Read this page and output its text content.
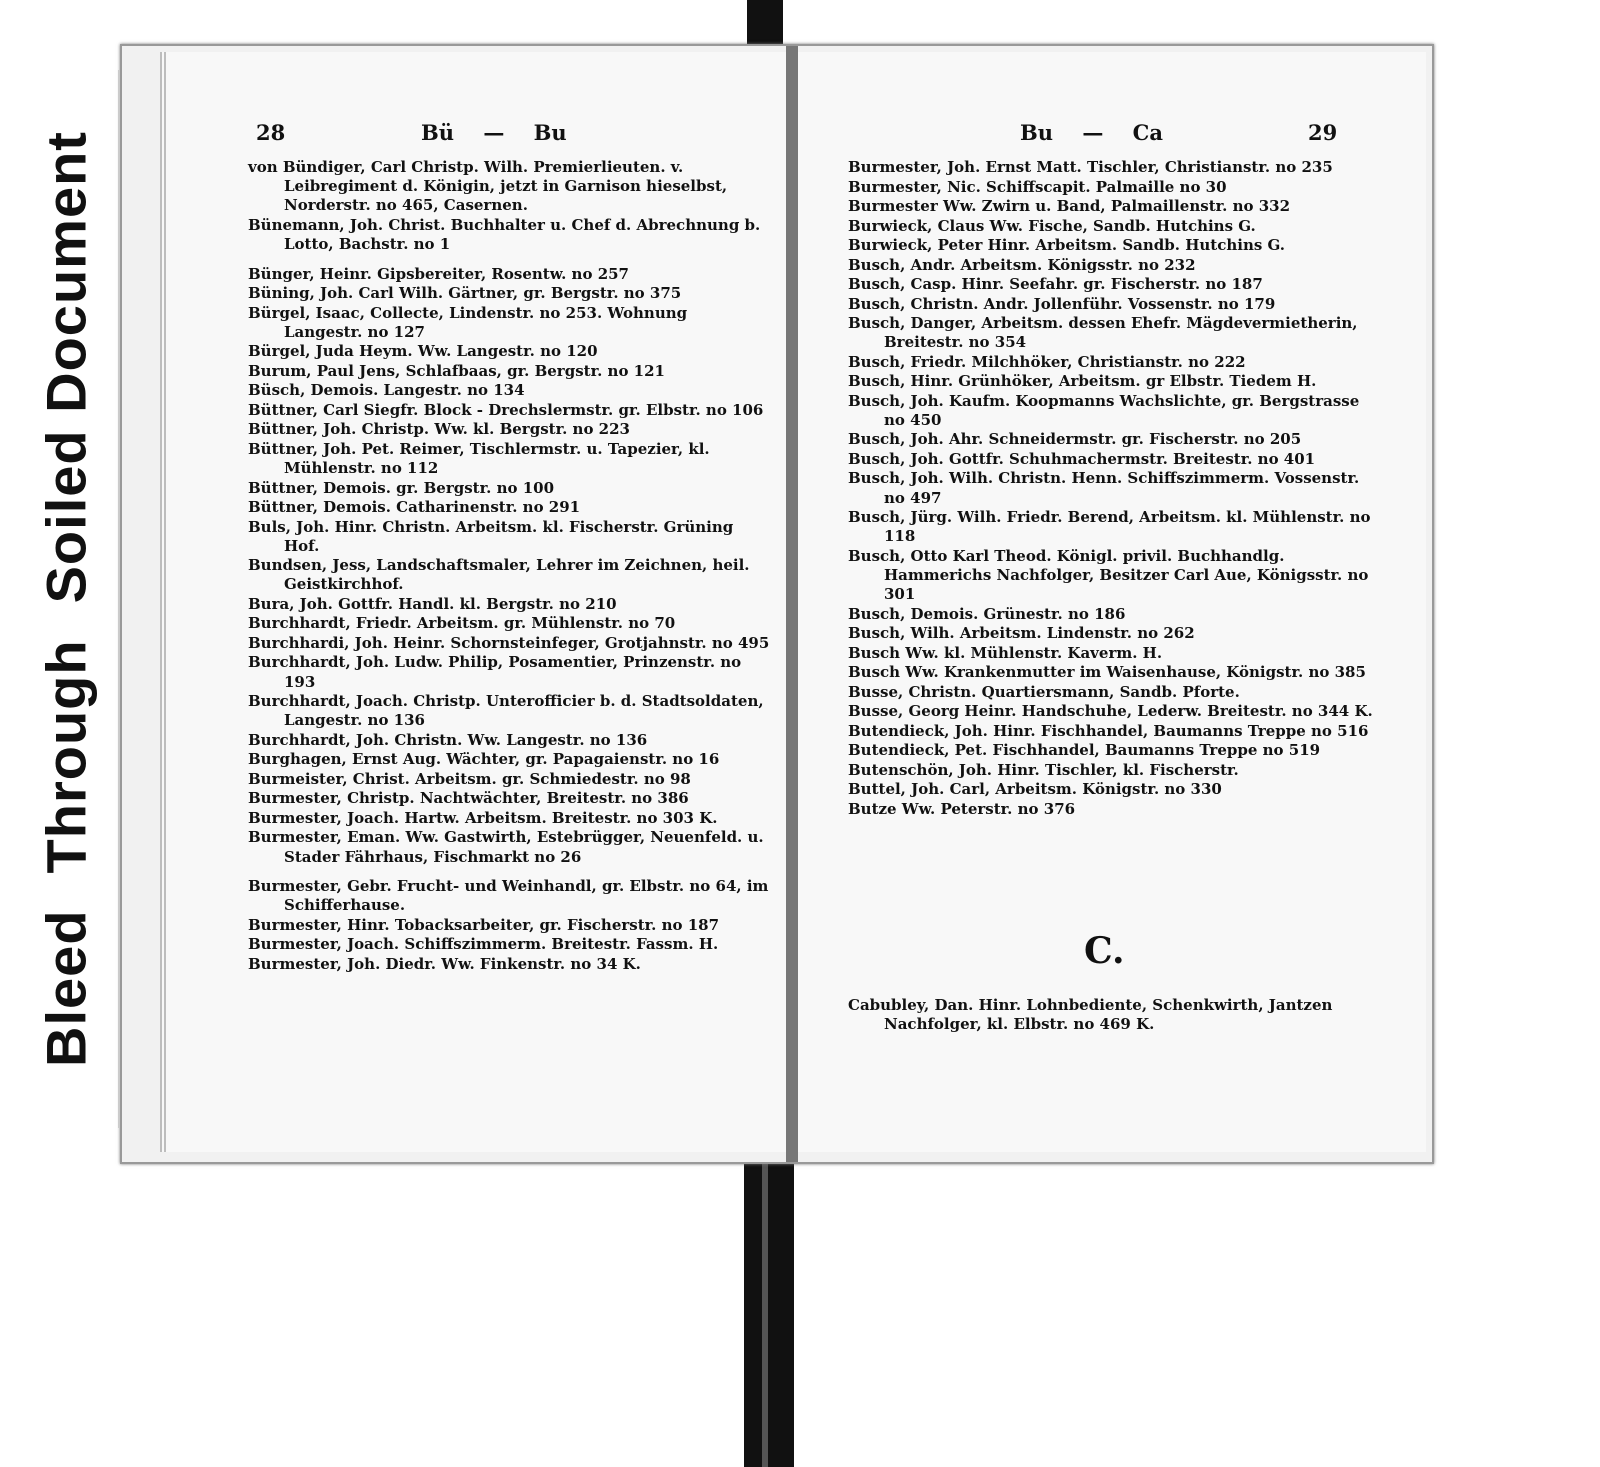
BleedThroughSoiled Document	28	Bü — Bu
von Bündiger, Carl Christp. Wilh. Premierlieuten. v. Leibregiment d. Königin, jetzt in Garnison hieselbst, Norderstr. no 465, Casernen.
Bünemann, Joh. Christ. Buchhalter u. Chef d. Abrechnung b. Lotto, Bachstr. no 1
Bünger, Heinr. Gipsbereiter, Rosentw. no 257
Büning, Joh. Carl Wilh. Gärtner, gr. Bergstr. no 375
Bürgel, Isaac, Collecte, Lindenstr. no 253. Wohnung Langestr. no 127
Bürgel, Juda Heym. Ww. Langestr. no 120
Burum, Paul Jens, Schlafbaas, gr. Bergstr. no 121
Büsch, Demois. Langestr. no 134
Büttner, Carl Siegfr. Block - Drechslermstr. gr. Elbstr. no 106
Büttner, Joh. Christp. Ww. kl. Bergstr. no 223
Büttner, Joh. Pet. Reimer, Tischlermstr. u. Tapezier, kl. Mühlenstr. no 112
Büttner, Demois. gr. Bergstr. no 100
Büttner, Demois. Catharinenstr. no 291
Buls, Joh. Hinr. Christn. Arbeitsm. kl. Fischerstr. Grüning Hof.
Bundsen, Jess, Landschaftsmaler, Lehrer im Zeichnen, heil. Geistkirchhof.
Bura, Joh. Gottfr. Handl. kl. Bergstr. no 210
Burchhardt, Friedr. Arbeitsm. gr. Mühlenstr. no 70
Burchhardi, Joh. Heinr. Schornsteinfeger, Grotjahnstr. no 495
Burchhardt, Joh. Ludw. Philip, Posamentier, Prinzenstr. no 193
Burchhardt, Joach. Christp. Unterofficier b. d. Stadtsoldaten, Langestr. no 136
Burchhardt, Joh. Christn. Ww. Langestr. no 136
Burghagen, Ernst Aug. Wächter, gr. Papagaienstr. no 16
Burmeister, Christ. Arbeitsm. gr. Schmiedestr. no 98
Burmester, Christp. Nachtwächter, Breitestr. no 386
Burmester, Joach. Hartw. Arbeitsm. Breitestr. no 303 K.
Burmester, Eman. Ww. Gastwirth, Estebrügger, Neuenfeld. u. Stader Fährhaus, Fischmarkt no 26
Burmester, Gebr. Frucht- und Weinhandl, gr. Elbstr. no 64, im Schifferhause.
Burmester, Hinr. Tobacksarbeiter, gr. Fischerstr. no 187
Burmester, Joach. Schiffszimmerm. Breitestr. Fassm. H.
Burmester, Joh. Diedr. Ww. Finkenstr. no 34 K.
Bu — Ca	29
Burmester, Joh. Ernst Matt. Tischler, Christianstr. no 235
Burmester, Nic. Schiffscapit. Palmaille no 30
Burmester Ww. Zwirn u. Band, Palmaillenstr. no 332
Burwieck, Claus Ww. Fische, Sandb. Hutchins G.
Burwieck, Peter Hinr. Arbeitsm. Sandb. Hutchins G.
Busch, Andr. Arbeitsm. Königsstr. no 232
Busch, Casp. Hinr. Seefahr. gr. Fischerstr. no 187
Busch, Christn. Andr. Jollenführ. Vossenstr. no 179
Busch, Danger, Arbeitsm. dessen Ehefr. Mägdevermietherin, Breitestr. no 354
Busch, Friedr. Milchhöker, Christianstr. no 222
Busch, Hinr. Grünhöker, Arbeitsm. gr Elbstr. Tiedem H.
Busch, Joh. Kaufm. Koopmanns Wachslichte, gr. Bergstrasse no 450
Busch, Joh. Ahr. Schneidermstr. gr. Fischerstr. no 205
Busch, Joh. Gottfr. Schuhmachermstr. Breitestr. no 401
Busch, Joh. Wilh. Christn. Henn. Schiffszimmerm. Vossenstr. no 497
Busch, Jürg. Wilh. Friedr. Berend, Arbeitsm. kl. Mühlenstr. no 118
Busch, Otto Karl Theod. Königl. privil. Buchhandlg. Hammerichs Nachfolger, Besitzer Carl Aue, Königsstr. no 301
Busch, Demois. Grünestr. no 186
Busch, Wilh. Arbeitsm. Lindenstr. no 262
Busch Ww. kl. Mühlenstr. Kaverm. H.
Busch Ww. Krankenmutter im Waisenhause, Königstr. no 385
Busse, Christn. Quartiersmann, Sandb. Pforte.
Busse, Georg Heinr. Handschuhe, Lederw. Breitestr. no 344 K.
Butendieck, Joh. Hinr. Fischhandel, Baumanns Treppe no 516
Butendieck, Pet. Fischhandel, Baumanns Treppe no 519
Butenschön, Joh. Hinr. Tischler, kl. Fischerstr.
Buttel, Joh. Carl, Arbeitsm. Königstr. no 330
Butze Ww. Peterstr. no 376
C.
Cabubley, Dan. Hinr. Lohnbediente, Schenkwirth, Jantzen Nachfolger, kl. Elbstr. no 469 K.
